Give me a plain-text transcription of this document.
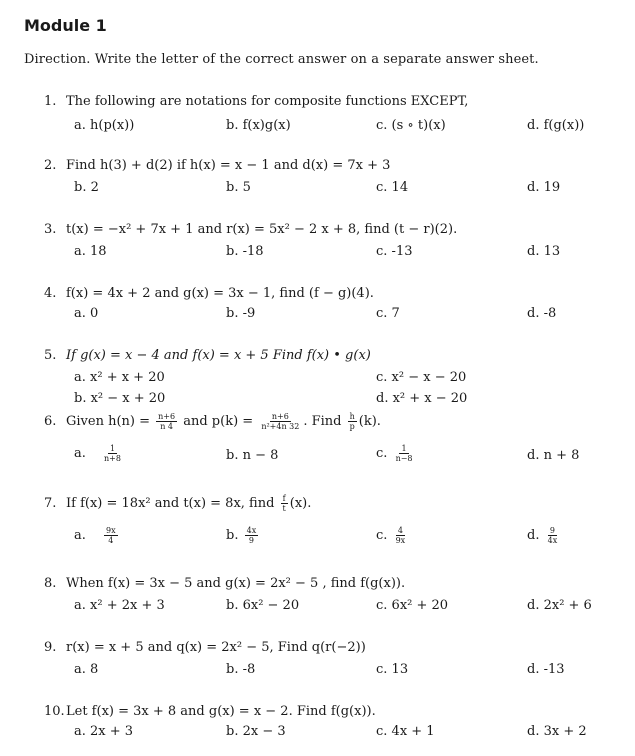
Module 1
Direction. Write the letter of the correct answer on a separate answer sheet.
1. The following are notations for composite functions EXCEPT,
a. h(p(x))	b. f(x)g(x)	c. (s ∘ t)(x)	d. f(g(x))
2. Find h(3) + d(2) if h(x) = x − 1 and d(x) = 7x + 3
b. 2	b. 5	c. 14	d. 19
3. t(x) = −x² + 7x + 1 and r(x) = 5x² − 2 x + 8, find (t − r)(2).
a. 18	b. -18	c. -13	d. 13
4. f(x) = 4x + 2 and g(x) = 3x − 1, find (f − g)(4).
a. 0	b. -9	c. 7	d. -8
5. If g(x) = x − 4 and f(x) = x + 5 Find f(x) • g(x)
a. x² + x + 20	c. x² − x − 20
b. x² − x + 20	d. x² + x − 20
6. Given $h(n) = \frac{n+6}{n 4}$ and $p(k) = \frac{n+6}{\text{n²+4n 32}}$ . Find $\frac{h}{p} (k)$.
a. $\frac{1}{n+8}$	b. n − 8	c. $\frac{1}{n-8}$	d. n + 8
7. If f(x) = 18x² and t(x) = 8x, find $\frac{f}{t} (x)$.
a. $\frac{9x}{4}$	b. $\frac{4x}{9}$	c. $\frac{4}{9x}$	d. $\frac{9}{4x}$
8. When f(x) = 3x − 5 and g(x) = 2x² − 5 , find f(g(x)).
a. x² + 2x + 3	b. 6x² − 20	c. 6x² + 20	d. 2x² + 6
9. r(x) = x + 5 and q(x) = 2x² − 5, Find q(r(−2))
a. 8	b. -8	c. 13	d. -13
10.Let f(x) = 3x + 8 and g(x) = x − 2. Find f(g(x)).
a. 2x + 3	b. 2x − 3	c. 4x + 1	d. 3x + 2
